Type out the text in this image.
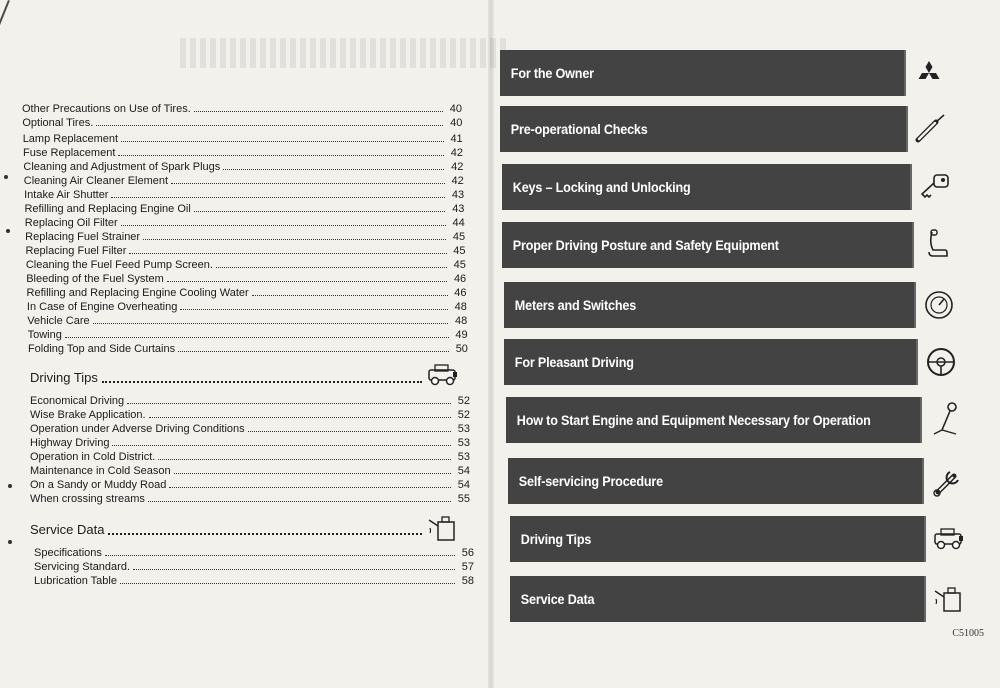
Other Precautions on Use of Tires.	40
Optional Tires.	40
Lamp Replacement	41
Fuse Replacement	42
Cleaning and Adjustment of Spark Plugs	42
Cleaning Air Cleaner Element	42
Intake Air Shutter	43
Refilling and Replacing Engine Oil	43
Replacing Oil Filter	44
Replacing Fuel Strainer	45
Replacing Fuel Filter	45
Cleaning the Fuel Feed Pump Screen.	45
Bleeding of the Fuel System	46
Refilling and Replacing Engine Cooling Water	46
In Case of Engine Overheating	48
Vehicle Care	48
Towing	49
Folding Top and Side Curtains	50
Driving Tips
Economical Driving	52
Wise Brake Application.	52
Operation under Adverse Driving Conditions	53
Highway Driving	53
Operation in Cold District.	53
Maintenance in Cold Season	54
On a Sandy or Muddy Road	54
When crossing streams	55
Service Data
Specifications	56
Servicing Standard.	57
Lubrication Table	58
For the Owner
Pre-operational Checks
Keys – Locking and Unlocking
Proper Driving Posture and Safety Equipment
Meters and Switches
For Pleasant Driving
How to Start Engine and Equipment Necessary for Operation
Self-servicing Procedure
Driving Tips
Service Data
C51005
